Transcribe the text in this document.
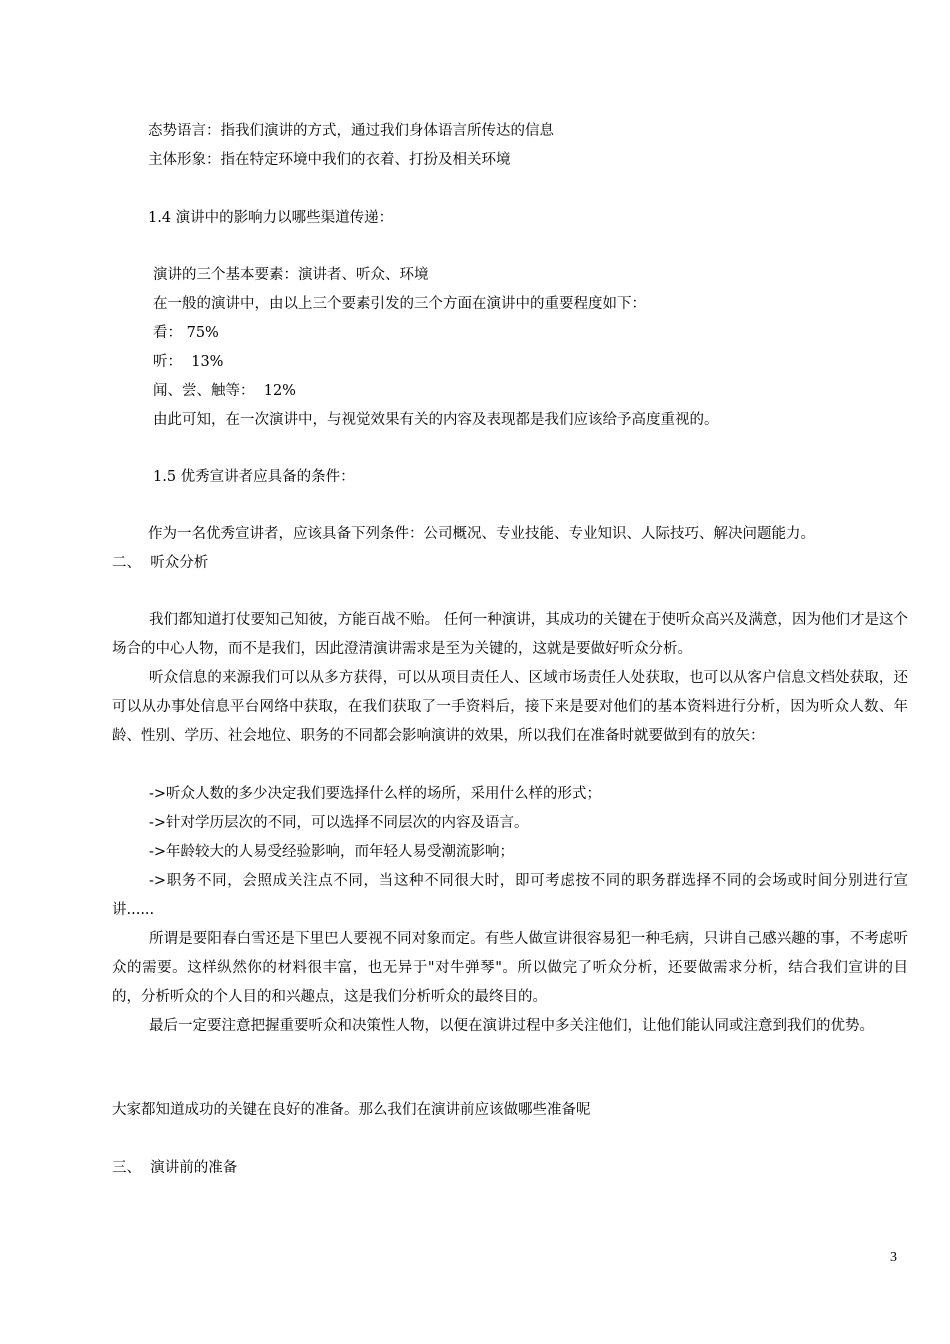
态势语言：指我们演讲的方式，通过我们身体语言所传达的信息
主体形象：指在特定环境中我们的衣着、打扮及相关环境
1.4 演讲中的影响力以哪些渠道传递：
演讲的三个基本要素：演讲者、听众、环境
在一般的演讲中，由以上三个要素引发的三个方面在演讲中的重要程度如下：
看： 75%
听：  13%
闻、尝、触等：  12%
由此可知，在一次演讲中，与视觉效果有关的内容及表现都是我们应该给予高度重视的。
1.5 优秀宣讲者应具备的条件：
作为一名优秀宣讲者，应该具备下列条件：公司概况、专业技能、专业知识、人际技巧、解决问题能力。
二、  听众分析
我们都知道打仗要知己知彼，方能百战不贻。 任何一种演讲，其成功的关键在于使听众高兴及满意，因为他们才是这个场合的中心人物，而不是我们，因此澄清演讲需求是至为关键的，这就是要做好听众分析。
听众信息的来源我们可以从多方获得，可以从项目责任人、区域市场责任人处获取，也可以从客户信息文档处获取，还可以从办事处信息平台网络中获取，在我们获取了一手资料后，接下来是要对他们的基本资料进行分析，因为听众人数、年龄、性别、学历、社会地位、职务的不同都会影响演讲的效果，所以我们在准备时就要做到有的放矢：
->听众人数的多少决定我们要选择什么样的场所，采用什么样的形式；
->针对学历层次的不同，可以选择不同层次的内容及语言。
->年龄较大的人易受经验影响，而年轻人易受潮流影响；
->职务不同，会照成关注点不同，当这种不同很大时，即可考虑按不同的职务群选择不同的会场或时间分别进行宣讲......
所谓是要阳春白雪还是下里巴人要视不同对象而定。有些人做宣讲很容易犯一种毛病，只讲自己感兴趣的事，不考虑听众的需要。这样纵然你的材料很丰富，也无异于"对牛弹琴"。所以做完了听众分析，还要做需求分析，结合我们宣讲的目的，分析听众的个人目的和兴趣点，这是我们分析听众的最终目的。
最后一定要注意把握重要听众和决策性人物，以便在演讲过程中多关注他们，让他们能认同或注意到我们的优势。
大家都知道成功的关键在良好的准备。那么我们在演讲前应该做哪些准备呢
三、  演讲前的准备
3
